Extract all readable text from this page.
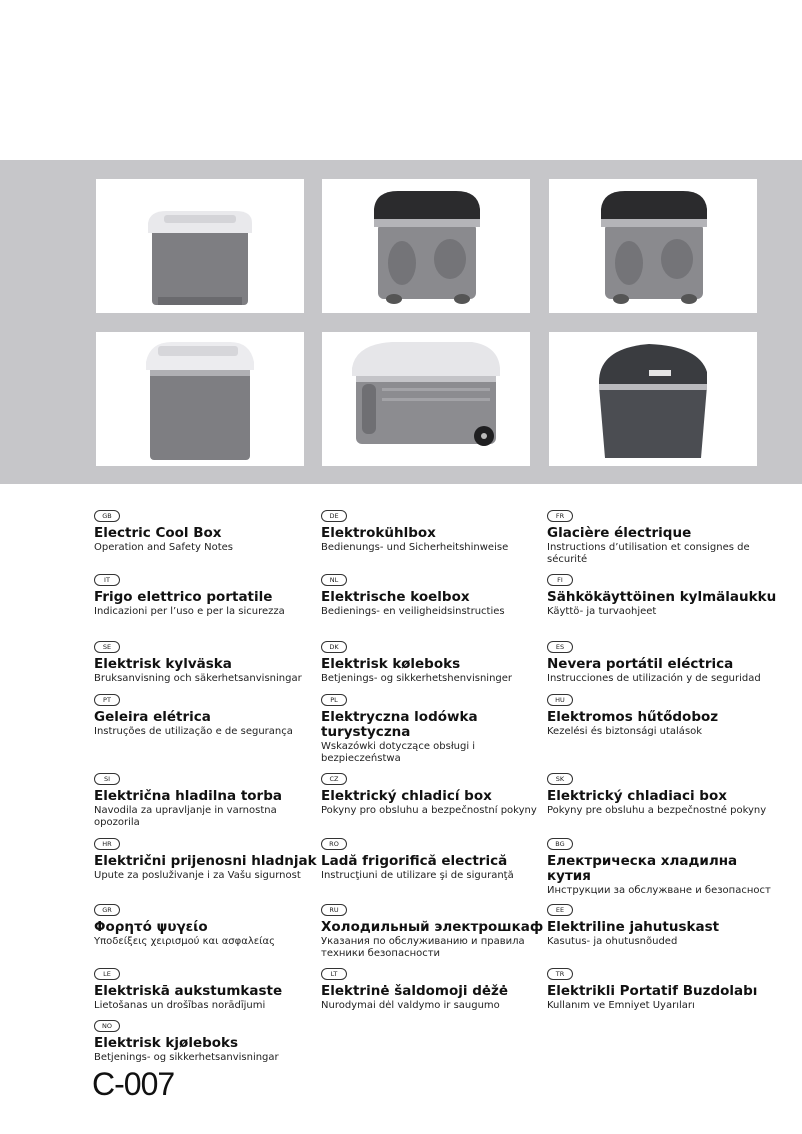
GB
Electric Cool Box
Operation and Safety Notes
IT
Frigo elettrico portatile
Indicazioni per l’uso e per la sicurezza
SE
Elektrisk kylväska
Bruksanvisning och säkerhetsanvisningar
PT
Geleira elétrica
Instruções de utilização e de segurança
SI
Električna hladilna torba
Navodila za upravljanje in varnostna opozorila
HR
Električni prijenosni hladnjak
Upute za posluživanje i za Vašu sigurnost
GR
Φορητό ψυγείο
Υποδείξεις χειρισμού και ασφαλείας
LE
Elektriskā aukstumkaste
Lietošanas un drošības norādījumi
NO
Elektrisk kjøleboks
Betjenings- og sikkerhetsanvisningar
DE
Elektrokühlbox
Bedienungs- und Sicherheitshinweise
NL
Elektrische koelbox
Bedienings- en veiligheidsinstructies
DK
Elektrisk køleboks
Betjenings- og sikkerhetshenvisninger
PL
Elektryczna lodówka turystyczna
Wskazówki dotyczące obsługi i bezpieczeństwa
CZ
Elektrický chladicí box
Pokyny pro obsluhu a bezpečnostní pokyny
RO
Ladă frigorifică electrică
Instrucţiuni de utilizare şi de siguranţă
RU
Холодильный электрошкаф
Указания по обслуживанию и правила техники безопасности
LT
Elektrinė šaldomoji dėžė
Nurodymai dėl valdymo ir saugumo
FR
Glacière électrique
Instructions d’utilisation et consignes de sécurité
FI
Sähkökäyttöinen kylmälaukku
Käyttö- ja turvaohjeet
ES
Nevera portátil eléctrica
Instrucciones de utilización y de seguridad
HU
Elektromos hűtődoboz
Kezelési és biztonsági utalások
SK
Elektrický chladiaci box
Pokyny pre obsluhu a bezpečnostné pokyny
BG
Електрическа хладилна кутия
Инструкции за обслужване и безопасност
EE
Elektriline jahutuskast
Kasutus- ja ohutusnõuded
TR
Elektrikli Portatif Buzdolabı
Kullanım ve Emniyet Uyarıları
C-007
